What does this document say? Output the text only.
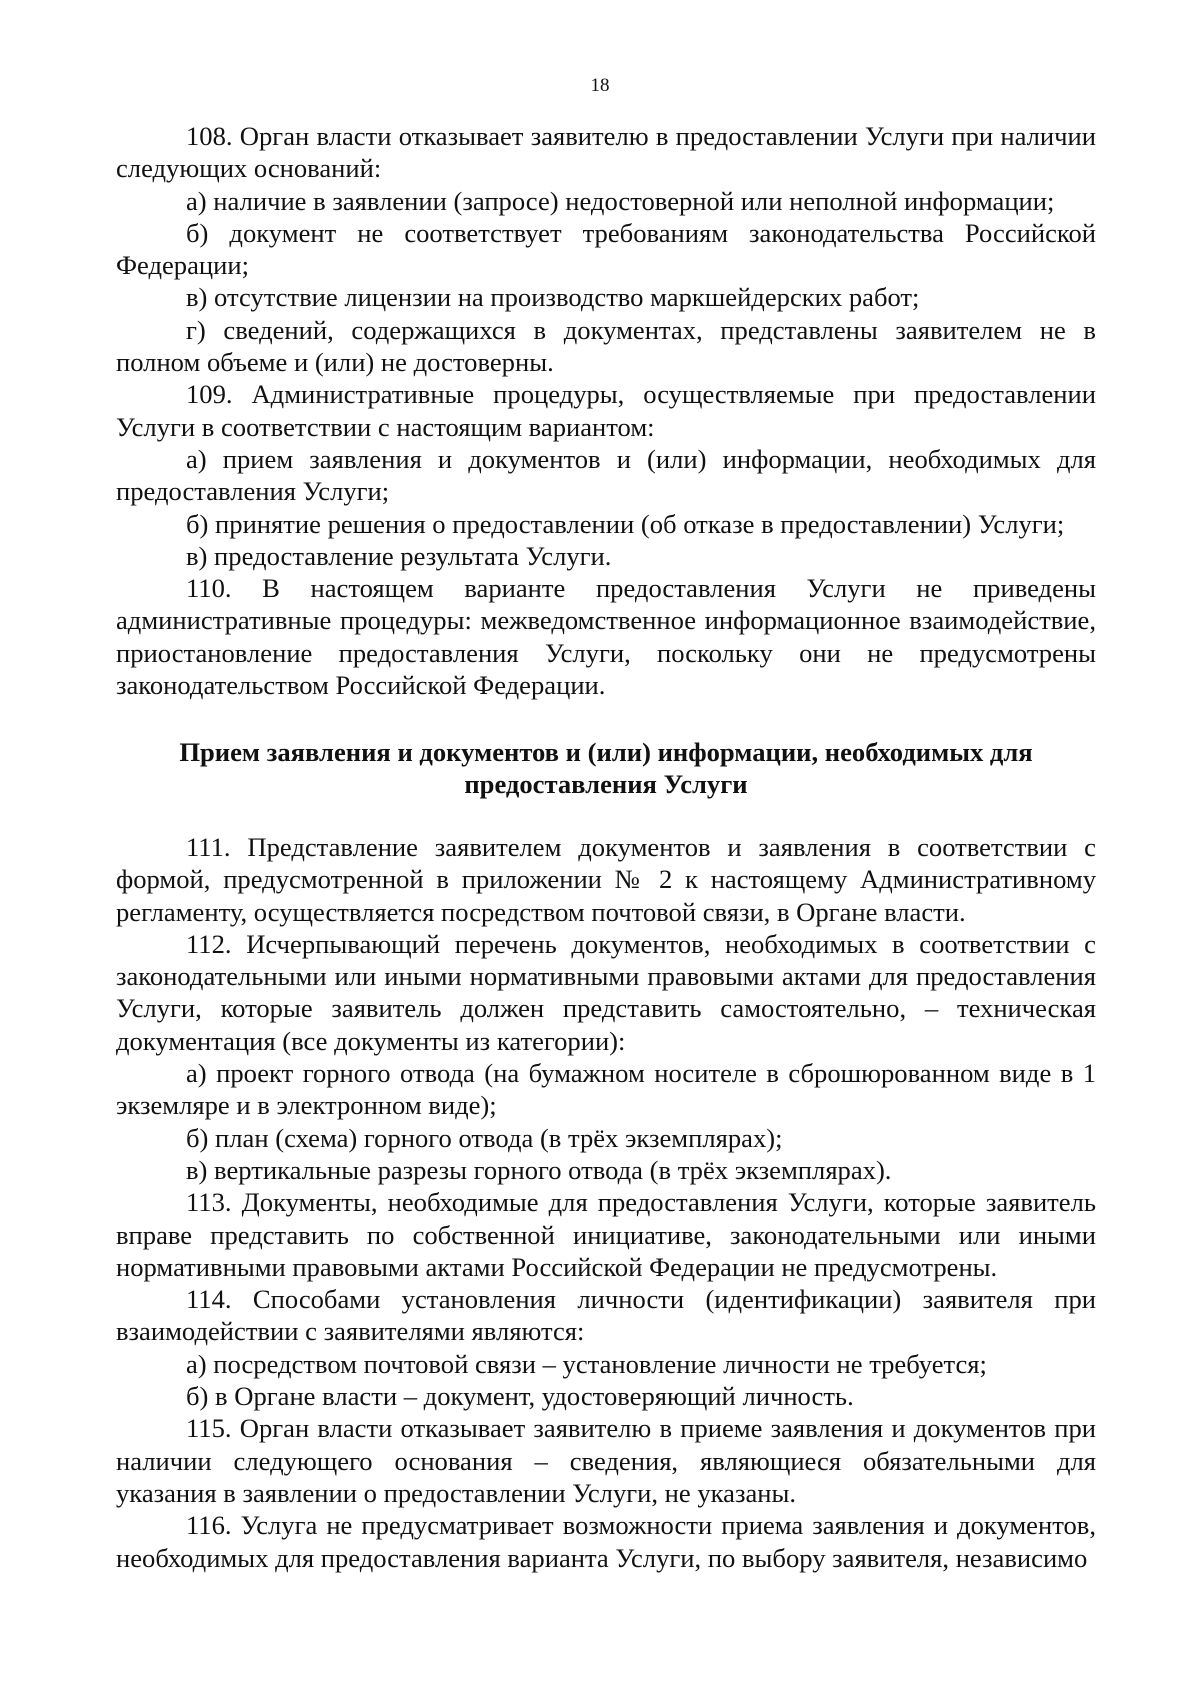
18

108. Орган власти отказывает заявителю в предоставлении Услуги при наличии следующих оснований:

а) наличие в заявлении (запросе) недостоверной или неполной информации;

б) документ не соответствует требованиям законодательства Российской Федерации;

в) отсутствие лицензии на производство маркшейдерских работ;

г) сведений, содержащихся в документах, представлены заявителем не в полном объеме и (или) не достоверны.

109. Административные процедуры, осуществляемые при предоставлении Услуги в соответствии с настоящим вариантом:

а) прием заявления и документов и (или) информации, необходимых для предоставления Услуги;

б) принятие решения о предоставлении (об отказе в предоставлении) Услуги;

в) предоставление результата Услуги.

110. В настоящем варианте предоставления Услуги не приведены административные процедуры: межведомственное информационное взаимодействие, приостановление предоставления Услуги, поскольку они не предусмотрены законодательством Российской Федерации.

Прием заявления и документов и (или) информации, необходимых для предоставления Услуги

111. Представление заявителем документов и заявления в соответствии с формой, предусмотренной в приложении № 2 к настоящему Административному регламенту, осуществляется посредством почтовой связи, в Органе власти.

112. Исчерпывающий перечень документов, необходимых в соответствии с законодательными или иными нормативными правовыми актами для предоставления Услуги, которые заявитель должен представить самостоятельно, – техническая документация (все документы из категории):

а) проект горного отвода (на бумажном носителе в сброшюрованном виде в 1 экземляре и в электронном виде);

б) план (схема) горного отвода (в трёх экземплярах);

в) вертикальные разрезы горного отвода (в трёх экземплярах).

113. Документы, необходимые для предоставления Услуги, которые заявитель вправе представить по собственной инициативе, законодательными или иными нормативными правовыми актами Российской Федерации не предусмотрены.

114. Способами установления личности (идентификации) заявителя при взаимодействии с заявителями являются:

а) посредством почтовой связи – установление личности не требуется;

б) в Органе власти – документ, удостоверяющий личность.

115. Орган власти отказывает заявителю в приеме заявления и документов при наличии следующего основания – сведения, являющиеся обязательными для указания в заявлении о предоставлении Услуги, не указаны.

116. Услуга не предусматривает возможности приема заявления и документов, необходимых для предоставления варианта Услуги, по выбору заявителя, независимо
